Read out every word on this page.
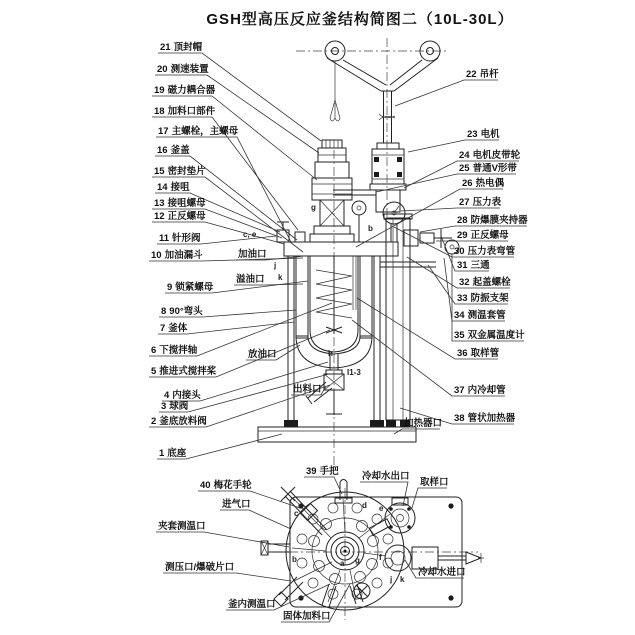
GSH型高压反应釜结构简图二（10L-30L）
21 顶封帽
20 测速装置
19 磁力耦合器
18 加料口部件
17 主螺栓，主螺母
16 釜盖
15 密封垫片
14 接咀
13 接咀螺母
12 正反螺母
11 针形阀
10 加油漏斗
9 锁紧螺母
8 90°弯头
7 釜体
6 下搅拌轴
5 推进式搅拌桨
4 内接头
3 球阀
2 釜底放料阀
1 底座
22 吊杆
23 电机
24 电机皮带轮
25 普通V形带
26 热电偶
27 压力表
28 防爆膜夹持器
29 正反螺母
30 压力表弯管
31 三通
32 起盖螺栓
33 防振支架
34 测温套管
35 双金属温度计
36 取样管
37 内冷却管
38 管状加热器
加油口
溢油口
放油口
出料口
加热器口
c, e
j
k
g
b
h
I1-3
c
d e
b	a g f
j k
40 梅花手轮
39 手把 冷却水出口
取样口
进气口
夹套测温口
测压口/爆破片口
釜内测温口
固体加料口
冷却水进口
